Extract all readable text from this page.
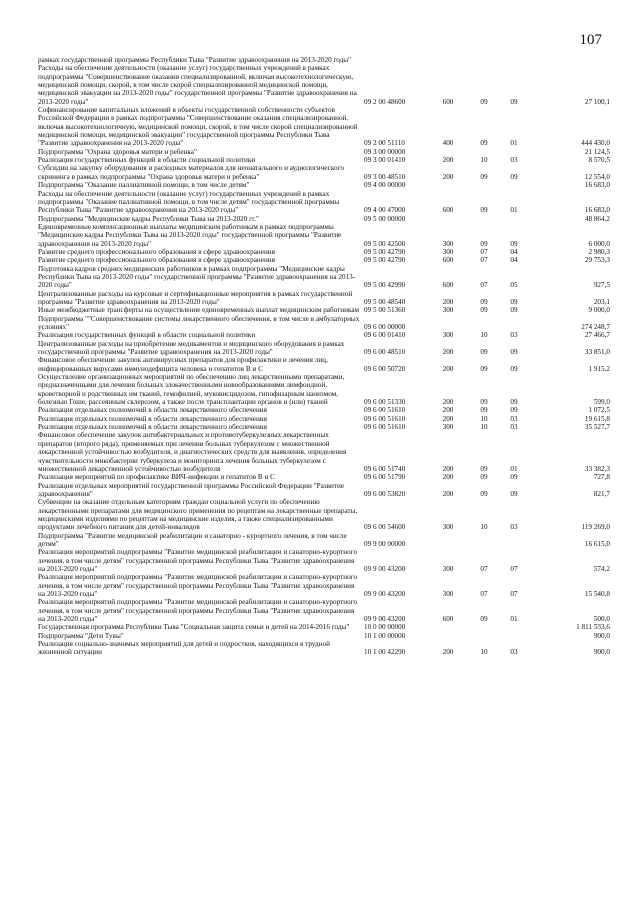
107
рамках государственной программы Республики Тыва "Развитие здравоохранения на 2013-2020 годы"					
Расходы на обеспечение деятельности (оказание услуг) государственных учреждений в рамках подпрограммы "Совершенствование оказания специализированной, включая высокотехнологическую, медицинской помощи, скорой, в том числе скорой специализированной медицинской помощи, медицинской эвакуации на 2013-2020 годы" государственной программы "Развитие здравоохранения на 2013-2020 годы"	09 2 00 48600	600	09	09	27 100,1
Софинансирование капитальных вложений в объекты государственной собственности субъектов Российской Федерации в рамках подпрограммы "Совершенствование оказания специализированной, включая высокотехнологичную, медицинской помощи, скорой, в том числе скорой специализированной медицинской помощи, медицинской эвакуации" государственной программы Республики Тыва "Развитие здравоохранения на 2013-2020 годы"	09 2 00 51110	400	09	01	444 430,0
Подпрограмма "Охрана здоровья матери и ребенка"	09 3 00 00000				21 124,5
Реализация государственных функций в области социальной политики	09 3 00 01410	200	10	03	8 570,5
Субсидии на закупку оборудования и расходных материалов для неонатального и аудиологического скрининга в рамках подпрограммы "Охрана здоровья матери и ребенка"	09 3 00 48510	200	09	09	12 554,0
Подпрограмма "Оказание паллиативной помощи, в том числе детям"	09 4 00 00000				16 683,0
Расходы на обеспечение деятельности (оказание услуг) государственных учреждений в рамках подпрограммы "Оказание паллиативной помощи, в том числе детям" государственной программы Республики Тыва "Развитие здравоохранения на 2013-2020 годы"	09 4 00 47000	600	09	01	16 683,0
Подпрограмма "Медицинские кадры Республики Тыва на 2013-2020 гг."	09 5 00 00000				48 864,2
Единовременные компенсационные выплаты медицинским работникам в рамках подпрограммы "Медицинские кадры Республики Тыва на 2013-2020 годы" государственной программы "Развитие здравоохранения на 2013-2020 годы"	09 5 00 42500	300	09	09	6 000,0
Развитие среднего профессионального образования в сфере здравоохранения	09 5 00 42790	300	07	04	2 980,3
Развитие среднего профессионального образования в сфере здравоохранения	09 5 00 42790	600	07	04	29 753,3
Подготовка кадров средних медицинских работников в рамках подпрограммы "Медицинские кадры Республики Тыва на 2013-2020 годы" государственной программы "Развитие здравоохранения на 2013-2020 годы"	09 5 00 42990	600	07	05	927,5
Централизованные расходы на курсовые и сертификационные мероприятия в рамках государственной программы "Развитие здравоохранения на 2013-2020 годы"	09 5 00 48540	200	09	09	203,1
Иные межбюджетные трансферты на осуществление единовременных выплат медицинским работникам	09 5 00 51360	300	09	09	9 000,0
Подпрограмма ""Совершенствование системы лекарственного обеспечения, в том числе в амбулаторных условиях"	09 6 00 00000				274 248,7
Реализация государственных функций в области социальной политики	09 6 00 01410	300	10	03	27 466,7
Централизованные расходы на приобретение медикаментов и медицинского оборудования в рамках государственной программы "Развитие здравоохранения на 2013-2020 годы"	09 6 00 48510	200	09	09	33 851,0
Финансовое обеспечение закупок антивирусных препаратов для профилактики и лечения лиц, инфицированных вирусами иммунодефицита человека и гепатитов В и С	09 6 00 50720	200	09	09	1 915,2
Осуществление организационных мероприятий по обеспечению лиц лекарственными препаратами, предназначенными для лечения больных злокачественными новообразованиями лимфоидной, кроветворной и родственных им тканей, гемофилией, муковисцидозом, гипофизарным нанизмом, болезнью Гоше, рассеянным склерозом, а также после трансплантации органов и (или) тканей	09 6 00 51330	200	09	09	599,0
Реализация отдельных полномочий в области лекарственного обеспечения	09 6 00 51610	200	09	09	1 072,5
Реализация отдельных полномочий в области лекарственного обеспечения	09 6 00 51610	200	10	03	19 615,8
Реализация отдельных полномочий в области лекарственного обеспечения	09 6 00 51610	300	10	03	35 527,7
Финансовое обеспечение закупок антибактериальных и противотуберкулезных лекарственных препаратов (второго ряда), применяемых при лечении больных туберкулезом с множественной лекарственной устойчивостью возбудителя, и диагностических средств для выявления, определения чувствительности микобактерии туберкулеза и мониторинга лечения больных туберкулезом с множественной лекарственной устойчивостью возбудителя	09 6 00 51740	200	09	01	33 382,3
Реализация мероприятий по профилактике ВИЧ-инфекции и гепатитов В и С	09 6 00 51790	200	09	09	727,8
Реализация отдельных мероприятий государственной программы Российской Федерации "Развитие здравоохранения"	09 6 00 53820	200	09	09	821,7
Субвенции на оказание отдельным категориям граждан социальной услуги по обеспечению лекарственными препаратами для медицинского применения по рецептам на лекарственные препараты, медицинскими изделиями по рецептам на медицинские изделия, а также специализированными продуктами лечебного питания для детей-инвалидов	09 6 00 54600	300	10	03	119 269,0
Подпрограмма "Развитие медицинской реабилитации и санаторно - курортного лечения, в том числе детям"	09 9 00 00000				16 615,0
Реализация мероприятий подпрограммы "Развитие медицинской реабилитации и санаторно-курортного лечения, в том числе детям" государственной программы Республики Тыва "Развитие здравоохранения на 2013-2020 годы"	09 9 00 43200	300	07	07	574,2
Реализация мероприятий подпрограммы "Развитие медицинской реабилитации и санаторно-курортного лечения, в том числе детям" государственной программы Республики Тыва "Развитие здравоохранения на 2013-2020 годы"	09 9 00 43200	300	07	07	15 540,8
Реализация мероприятий подпрограммы "Развитие медицинской реабилитации и санаторно-курортного лечения, в том числе детям" государственной программы Республики Тыва "Развитие здравоохранения на 2013-2020 годы"	09 9 00 43200	600	09	01	500,0
Государственная программа Республики Тыва "Социальная защита семьи и детей на 2014-2016 годы"	10 0 00 00000				1 811 533,6
Подпрограмма "Дети Тувы"	10 1 00 00000				900,0
Реализация социально-значимых мероприятий для детей и подростков, находящихся в трудной жизненной ситуации	10 1 00 42290	200	10	03	900,0
